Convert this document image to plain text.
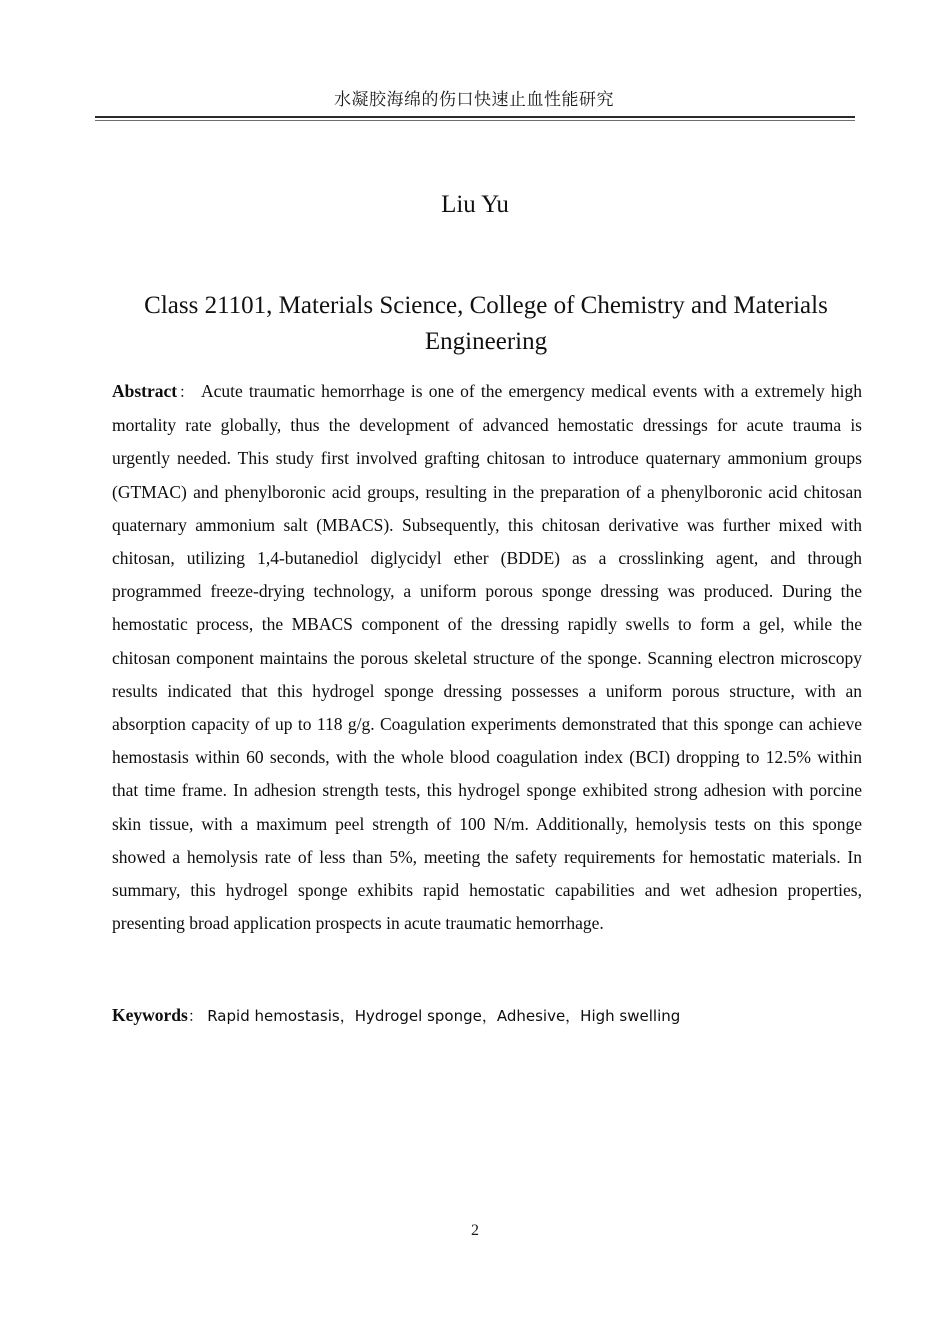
水凝胶海绵的伤口快速止血性能研究
Liu Yu
Class 21101, Materials Science, College of Chemistry and Materials Engineering

Abstract： Acute traumatic hemorrhage is one of the emergency medical events with a extremely high mortality rate globally, thus the development of advanced hemostatic dressings for acute trauma is urgently needed. This study first involved grafting chitosan to introduce quaternary ammonium groups (GTMAC) and phenylboronic acid groups, resulting in the preparation of a phenylboronic acid chitosan quaternary ammonium salt (MBACS). Subsequently, this chitosan derivative was further mixed with chitosan, utilizing 1,4-butanediol diglycidyl ether (BDDE) as a crosslinking agent, and through programmed freeze-drying technology, a uniform porous sponge dressing was produced. During the hemostatic process, the MBACS component of the dressing rapidly swells to form a gel, while the chitosan component maintains the porous skeletal structure of the sponge. Scanning electron microscopy results indicated that this hydrogel sponge dressing possesses a uniform porous structure, with an absorption capacity of up to 118 g/g. Coagulation experiments demonstrated that this sponge can achieve hemostasis within 60 seconds, with the whole blood coagulation index (BCI) dropping to 12.5% within that time frame. In adhesion strength tests, this hydrogel sponge exhibited strong adhesion with porcine skin tissue, with a maximum peel strength of 100 N/m. Additionally, hemolysis tests on this sponge showed a hemolysis rate of less than 5%, meeting the safety requirements for hemostatic materials. In summary, this hydrogel sponge exhibits rapid hemostatic capabilities and wet adhesion properties, presenting broad application prospects in acute traumatic hemorrhage.

Keywords： Rapid hemostasis，Hydrogel sponge，Adhesive，High swelling
2
